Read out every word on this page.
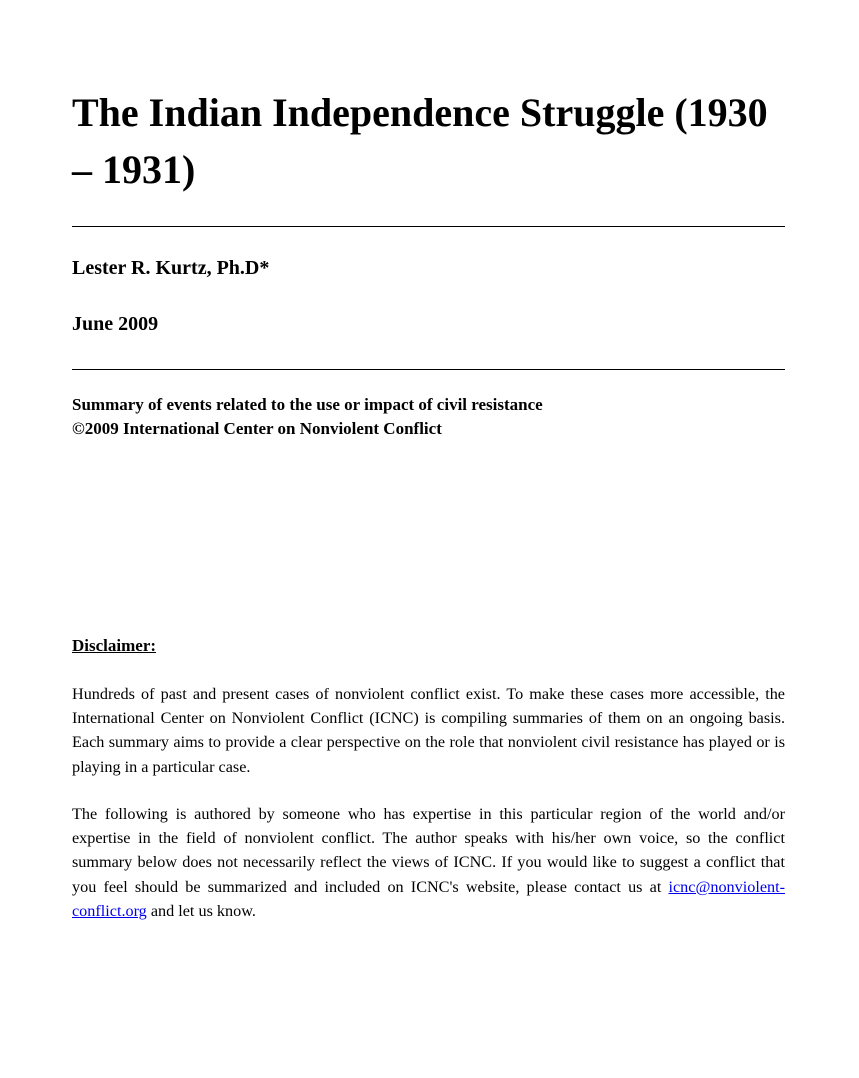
The Indian Independence Struggle (1930 – 1931)

Lester R. Kurtz, Ph.D*

June 2009

Summary of events related to the use or impact of civil resistance
©2009 International Center on Nonviolent Conflict

Disclaimer:

Hundreds of past and present cases of nonviolent conflict exist. To make these cases more accessible, the International Center on Nonviolent Conflict (ICNC) is compiling summaries of them on an ongoing basis. Each summary aims to provide a clear perspective on the role that nonviolent civil resistance has played or is playing in a particular case.

The following is authored by someone who has expertise in this particular region of the world and/or expertise in the field of nonviolent conflict. The author speaks with his/her own voice, so the conflict summary below does not necessarily reflect the views of ICNC. If you would like to suggest a conflict that you feel should be summarized and included on ICNC's website, please contact us at icnc@nonviolent-conflict.org and let us know.
